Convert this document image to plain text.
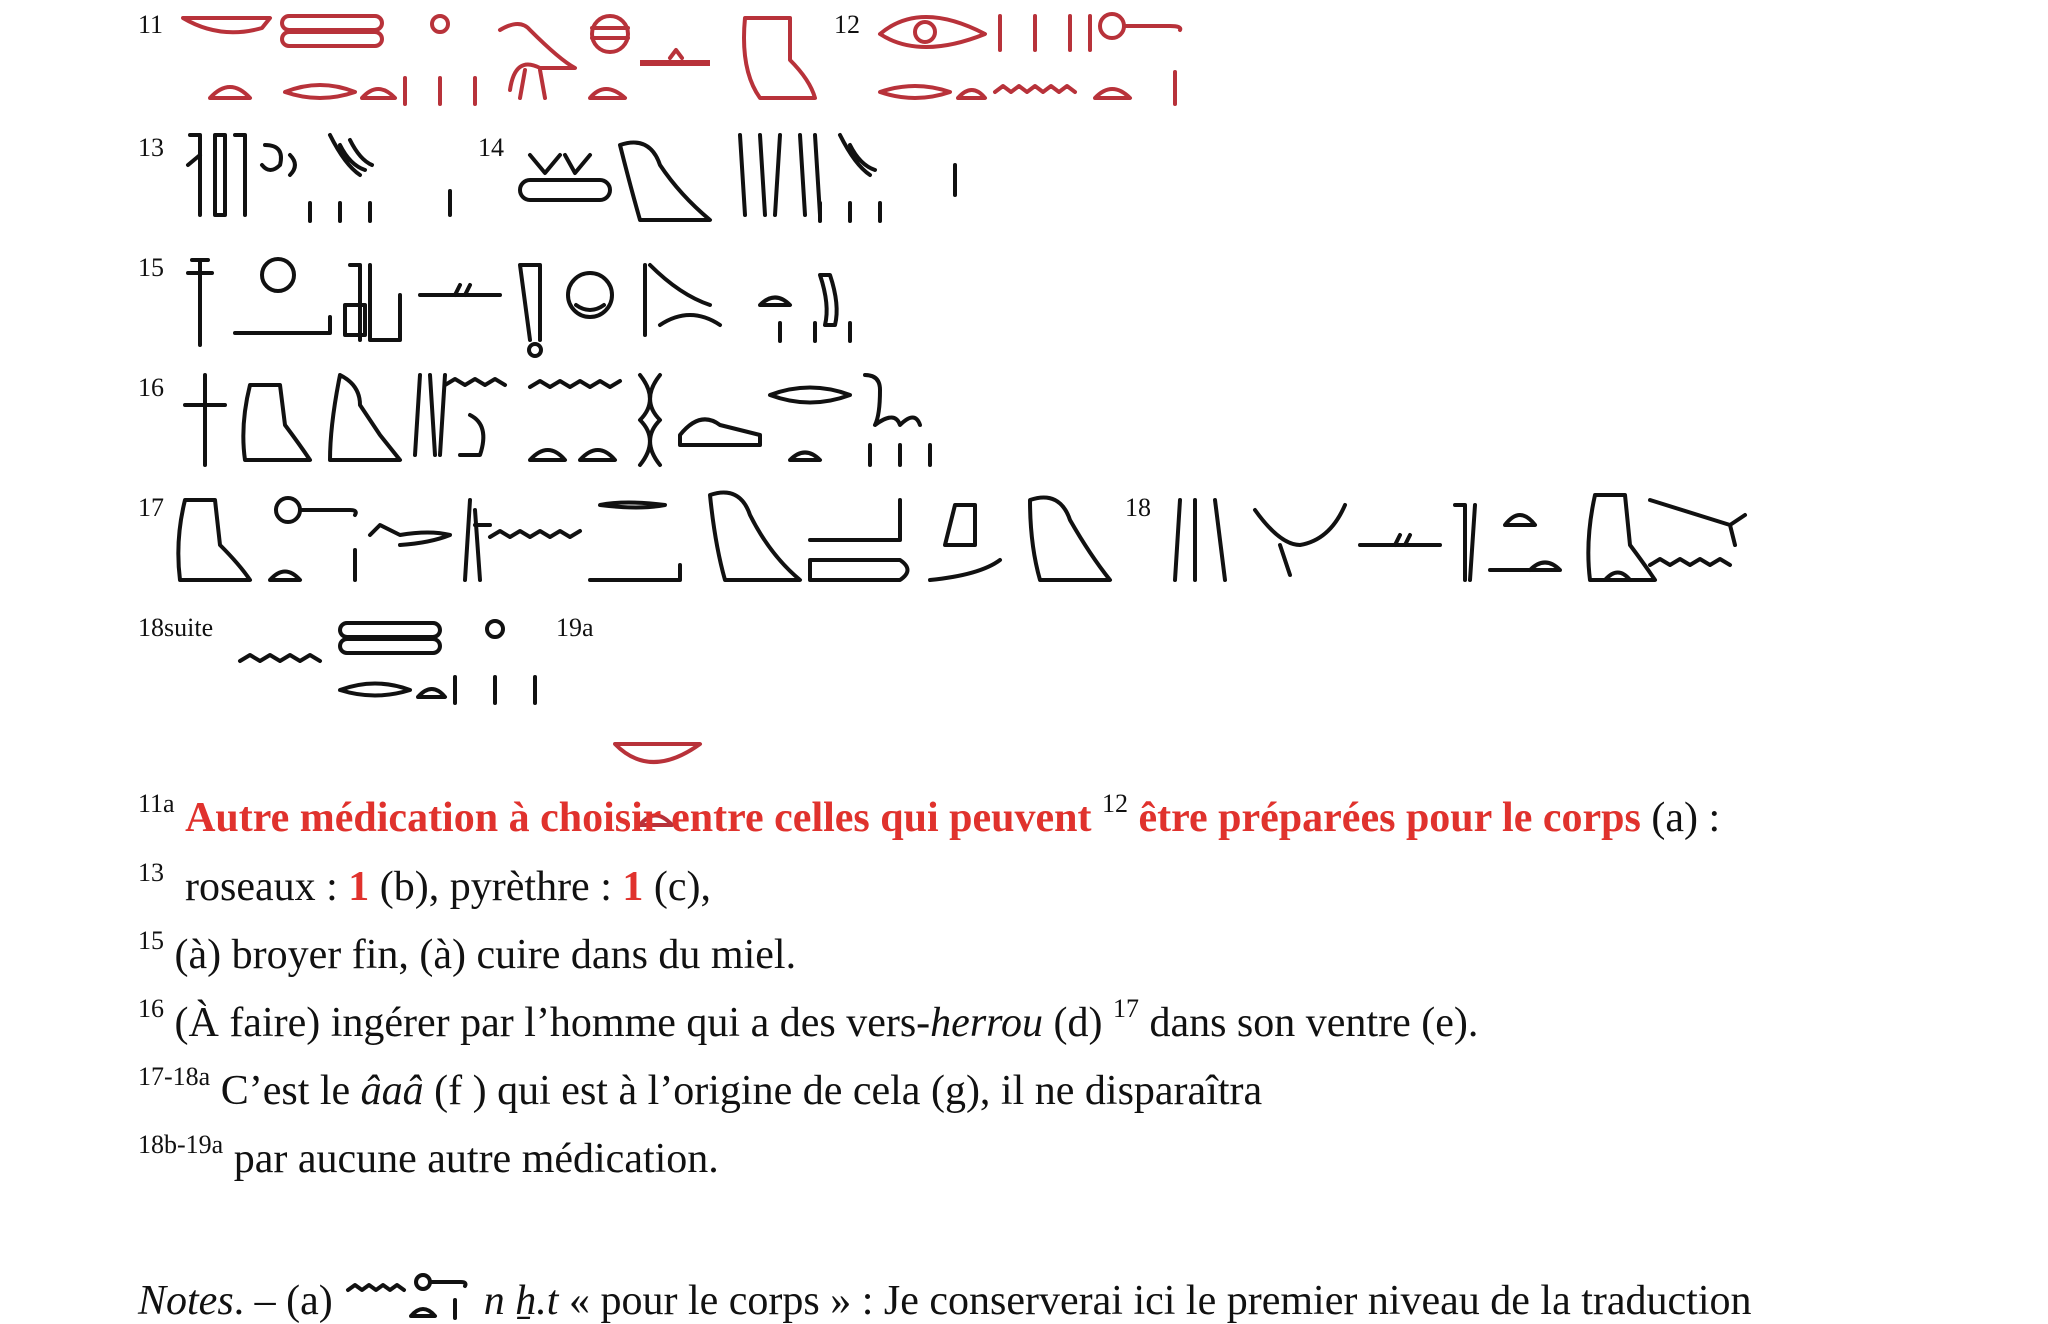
11	12
13	14
15
16
17	18
18suite	19a

$^{11a}$ Autre médication à choisir entre celles qui peuvent $^{12}$ être préparées pour le corps (a) :
$^{13}$ roseaux : 1 (b), pyrèthre : 1 (c),
$^{15}$ (à) broyer fin, (à) cuire dans du miel.
$^{16}$ (À faire) ingérer par l’homme qui a des vers-herrou (d) $^{17}$ dans son ventre (e).
$^{17-18a}$ C’est le âaâ (f ) qui est à l’origine de cela (g), il ne disparaîtra
$^{18b-19a}$ par aucune autre médication.
Notes. – (a)	n ẖ.t « pour le corps » : Je conserverai ici le premier niveau de la traduction
